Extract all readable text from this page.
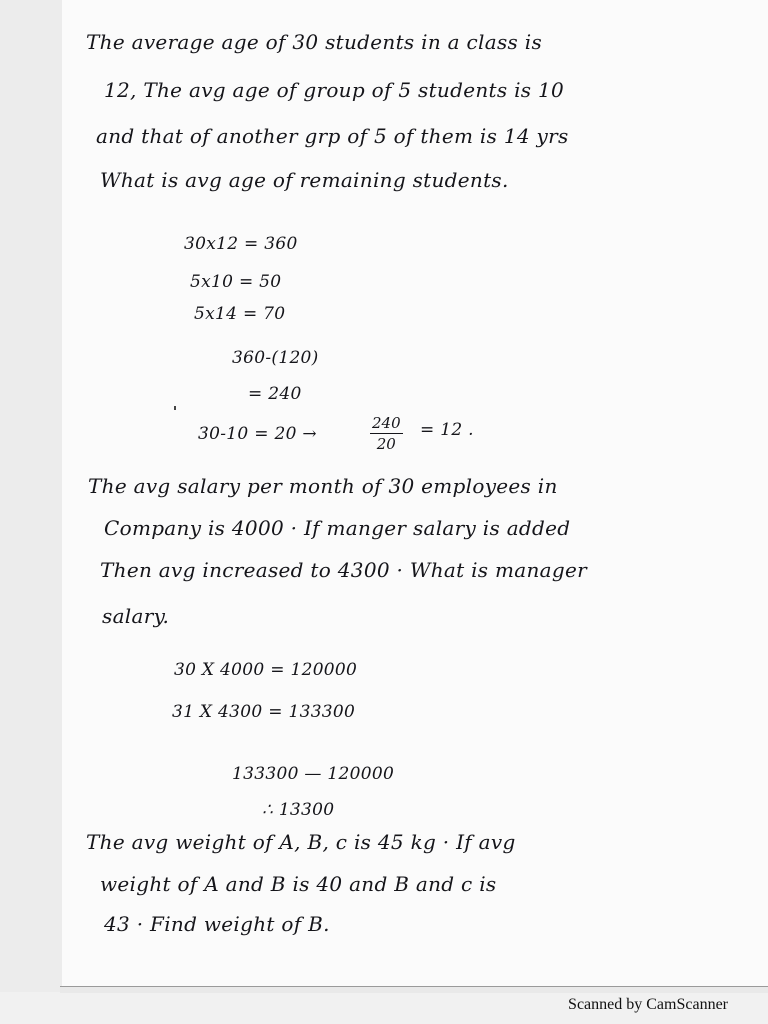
The average age of 30 students in a class is
12, The avg age of group of 5 students is 10
and that of another grp of 5 of them is 14 yrs
What is avg age of remaining students.
30x12 = 360
5x10 = 50
5x14 = 70
360-(120)
= 240
30-10 = 20 →	$\frac{240}{20} = 12$ .
The avg salary per month of 30 employees in
Company is 4000 · If manger salary is added
Then avg increased to 4300 · What is manager
salary.
30 X 4000 = 120000
31 X 4300 = 133300
133300 — 120000
∴ 13300
The avg weight of A, B, c is 45 kg · If avg
weight of A and B is 40 and B and c is
43 · Find weight of B.
Scanned by CamScanner
